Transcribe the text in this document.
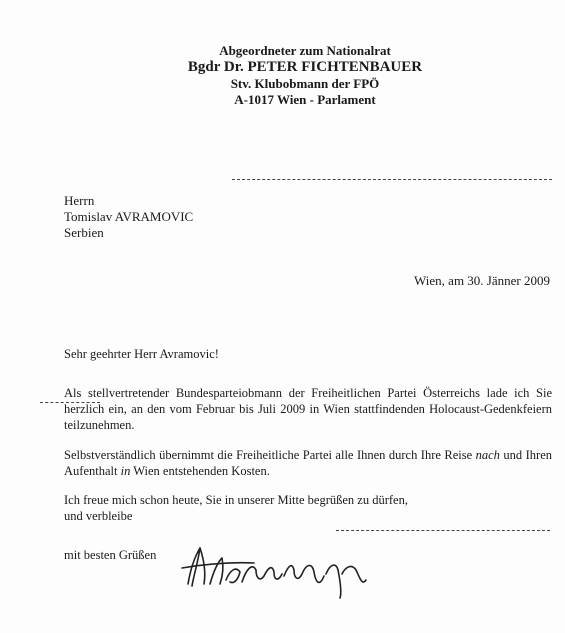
Abgeordneter zum Nationalrat
Bgdr Dr. PETER FICHTENBAUER
Stv. Klubobmann der FPÖ
A-1017 Wien - Parlament
Herrn
Tomislav AVRAMOVIC
Serbien
Wien, am 30. Jänner 2009
Sehr geehrter Herr Avramovic!
Als stellvertretender Bundesparteiobmann der Freiheitlichen Partei Österreichs lade ich Sie herzlich ein, an den vom Februar bis Juli 2009 in Wien stattfindenden Holocaust-Gedenkfeiern teilzunehmen.
Selbstverständlich übernimmt die Freiheitliche Partei alle Ihnen durch Ihre Reise nach und Ihren Aufenthalt in Wien entstehenden Kosten.
Ich freue mich schon heute, Sie in unserer Mitte begrüßen zu dürfen,
und verbleibe
mit besten Grüßen
